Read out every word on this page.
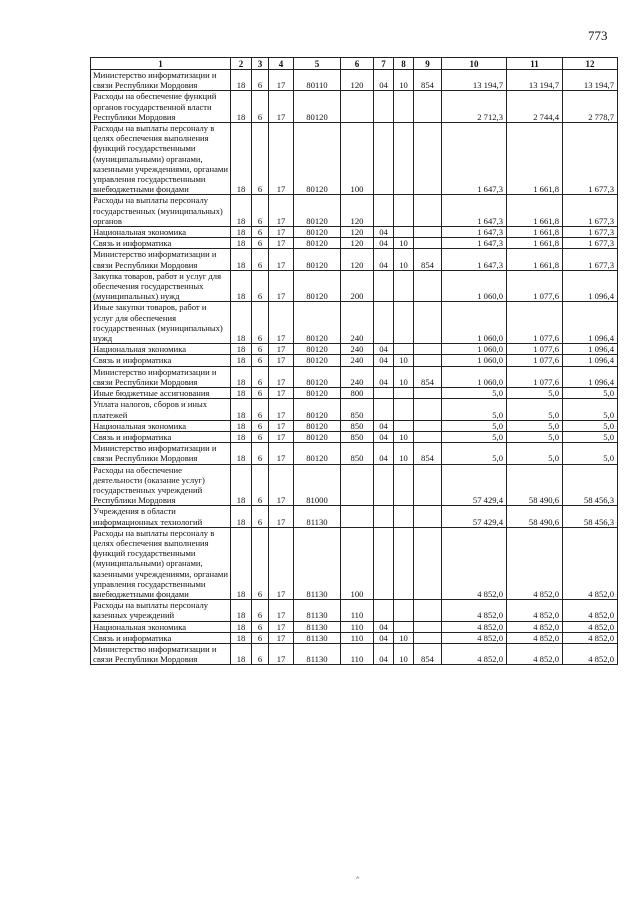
773
1	2	3	4	5	6	7	8	9	10	11	12
Министерство информатизации и связи Республики Мордовия	18	6	17	80110	120	04	10	854	13 194,7	13 194,7	13 194,7
Расходы на обеспечение функций органов государственной власти Республики Мордовия	18	6	17	80120					2 712,3	2 744,4	2 778,7
Расходы на выплаты персоналу в целях обеспечения выполнения функций государственными (муниципальными) органами, казенными учреждениями, органами управления государственными внебюджетными фондами	18	6	17	80120	100				1 647,3	1 661,8	1 677,3
Расходы на выплаты персоналу государственных (муниципальных) органов	18	6	17	80120	120				1 647,3	1 661,8	1 677,3
Национальная экономика	18	6	17	80120	120	04			1 647,3	1 661,8	1 677,3
Связь и информатика	18	6	17	80120	120	04	10		1 647,3	1 661,8	1 677,3
Министерство информатизации и связи Республики Мордовия	18	6	17	80120	120	04	10	854	1 647,3	1 661,8	1 677,3
Закупка товаров, работ и услуг для обеспечения государственных (муниципальных) нужд	18	6	17	80120	200				1 060,0	1 077,6	1 096,4
Иные закупки товаров, работ и услуг для обеспечения государственных (муниципальных) нужд	18	6	17	80120	240				1 060,0	1 077,6	1 096,4
Национальная экономика	18	6	17	80120	240	04			1 060,0	1 077,6	1 096,4
Связь и информатика	18	6	17	80120	240	04	10		1 060,0	1 077,6	1 096,4
Министерство информатизации и связи Республики Мордовия	18	6	17	80120	240	04	10	854	1 060,0	1 077,6	1 096,4
Иные бюджетные ассигнования	18	6	17	80120	800				5,0	5,0	5,0
Уплата налогов, сборов и иных платежей	18	6	17	80120	850				5,0	5,0	5,0
Национальная экономика	18	6	17	80120	850	04			5,0	5,0	5,0
Связь и информатика	18	6	17	80120	850	04	10		5,0	5,0	5,0
Министерство информатизации и связи Республики Мордовия	18	6	17	80120	850	04	10	854	5,0	5,0	5,0
Расходы на обеспечение деятельности (оказание услуг) государственных учреждений Республики Мордовия	18	6	17	81000					57 429,4	58 490,6	58 456,3
Учреждения в области информационных технологий	18	6	17	81130					57 429,4	58 490,6	58 456,3
Расходы на выплаты персоналу в целях обеспечения выполнения функций государственными (муниципальными) органами, казенными учреждениями, органами управления государственными внебюджетными фондами	18	6	17	81130	100				4 852,0	4 852,0	4 852,0
Расходы на выплаты персоналу казенных учреждений	18	6	17	81130	110				4 852,0	4 852,0	4 852,0
Национальная экономика	18	6	17	81130	110	04			4 852,0	4 852,0	4 852,0
Связь и информатика	18	6	17	81130	110	04	10		4 852,0	4 852,0	4 852,0
Министерство информатизации и связи Республики Мордовия	18	6	17	81130	110	04	10	854	4 852,0	4 852,0	4 852,0
‸
